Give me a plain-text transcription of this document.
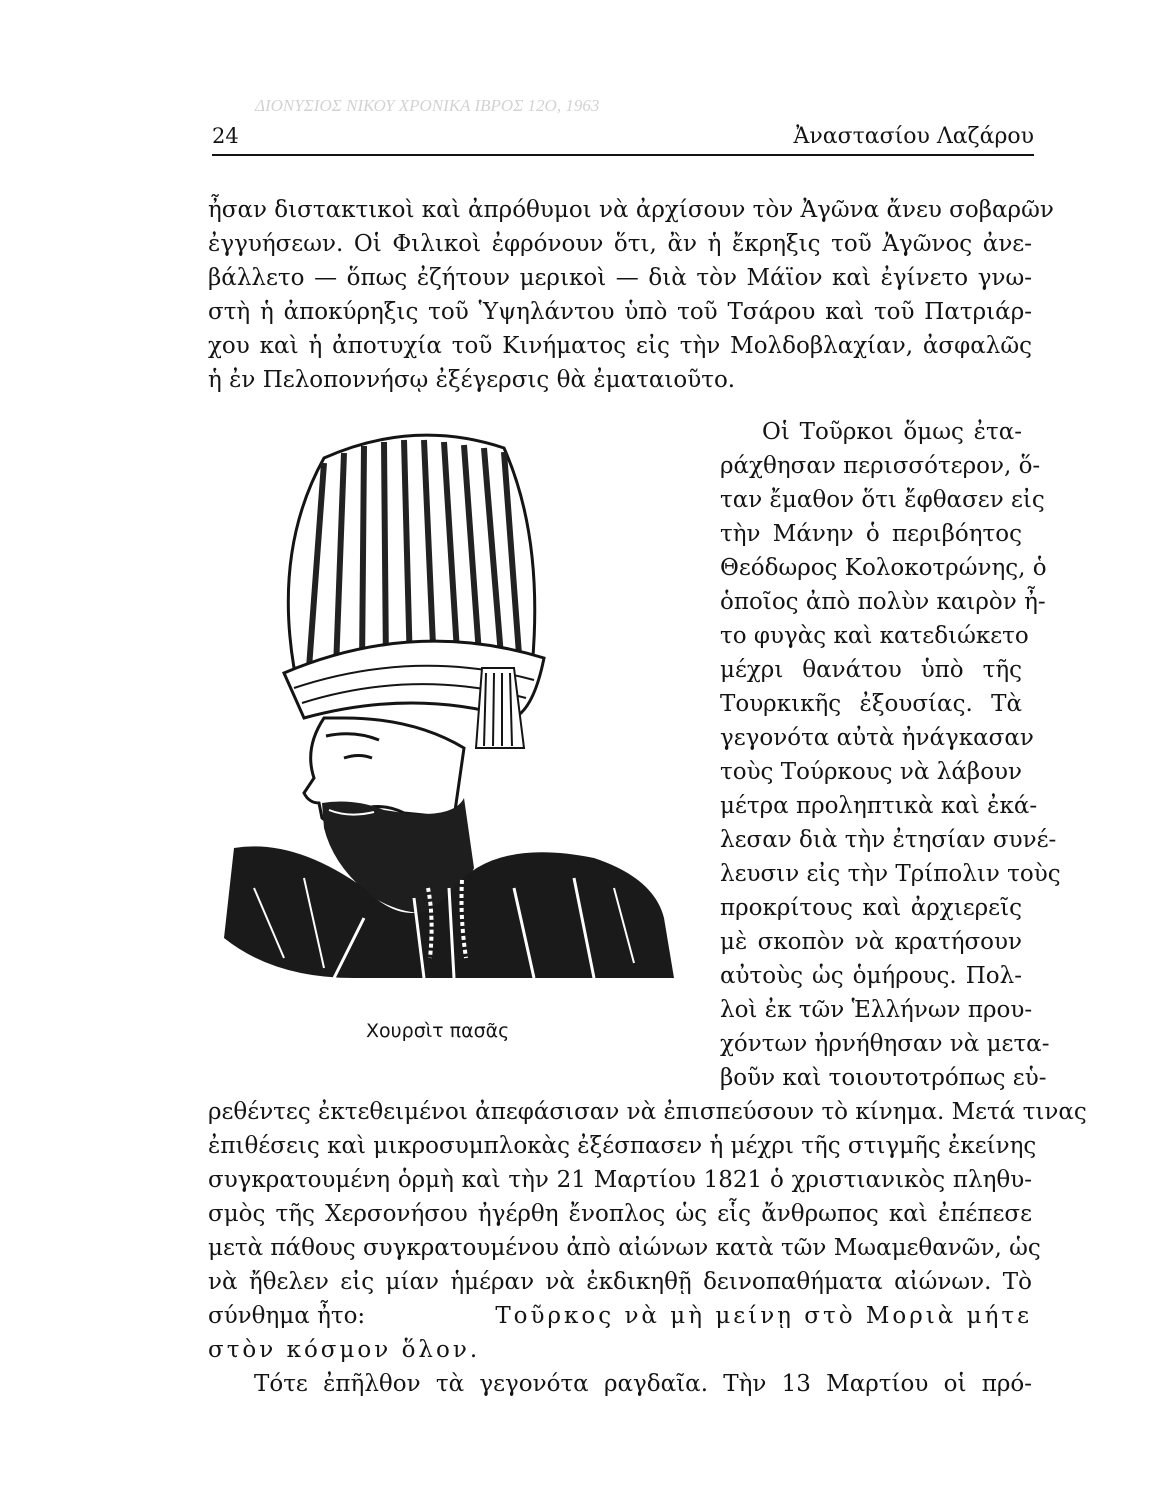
ΔΙΟΝΥΣΙΟΣ ΝΙΚΟΥ ΧΡΟΝΙΚΑ ΙΒΡΟΣ 12Ο, 1963
24	Ἀναστασίου Λαζάρου
ἦσαν διστακτικοὶ καὶ ἀπρόθυμοι νὰ ἀρχίσουν τὸν Ἀγῶνα ἄνευ σοβαρῶν
ἐγγυήσεων. Οἱ Φιλικοὶ ἐφρόνουν ὅτι, ἂν ἡ ἔκρηξις τοῦ Ἀγῶνος ἀνε-
βάλλετο — ὅπως ἐζήτουν μερικοὶ — διὰ τὸν Μάϊον καὶ ἐγίνετο γνω-
στὴ ἡ ἀποκύρηξις τοῦ Ὑψηλάντου ὑπὸ τοῦ Τσάρου καὶ τοῦ Πατριάρ-
χου καὶ ἡ ἀποτυχία τοῦ Κινήματος εἰς τὴν Μολδοβλαχίαν, ἀσφαλῶς
ἡ ἐν Πελοποννήσῳ ἐξέγερσις θὰ ἐματαιοῦτο.
Χουρσὶτ πασᾶς
Οἱ Τοῦρκοι ὅμως ἐτα-
ράχθησαν περισσότερον, ὅ-
ταν ἔμαθον ὅτι ἔφθασεν εἰς
τὴν Μάνην ὁ περιβόητος
Θεόδωρος Κολοκοτρώνης, ὁ
ὁποῖος ἀπὸ πολὺν καιρὸν ἦ-
το φυγὰς καὶ κατεδιώκετο
μέχρι θανάτου ὑπὸ τῆς
Τουρκικῆς ἐξουσίας. Τὰ
γεγονότα αὐτὰ ἠνάγκασαν
τοὺς Τούρκους νὰ λάβουν
μέτρα προληπτικὰ καὶ ἐκά-
λεσαν διὰ τὴν ἐτησίαν συνέ-
λευσιν εἰς τὴν Τρίπολιν τοὺς
προκρίτους καὶ ἀρχιερεῖς
μὲ σκοπὸν νὰ κρατήσουν
αὐτοὺς ὡς ὁμήρους. Πολ-
λοὶ ἐκ τῶν Ἑλλήνων πρου-
χόντων ἠρνήθησαν νὰ μετα-
βοῦν καὶ τοιουτοτρόπως εὑ-
ρεθέντες ἐκτεθειμένοι ἀπεφάσισαν νὰ ἐπισπεύσουν τὸ κίνημα. Μετά τινας
ἐπιθέσεις καὶ μικροσυμπλοκὰς ἐξέσπασεν ἡ μέχρι τῆς στιγμῆς ἐκείνης
συγκρατουμένη ὁρμὴ καὶ τὴν 21 Μαρτίου 1821 ὁ χριστιανικὸς πληθυ-
σμὸς τῆς Χερσονήσου ἠγέρθη ἔνοπλος ὡς εἷς ἄνθρωπος καὶ ἐπέπεσε
μετὰ πάθους συγκρατουμένου ἀπὸ αἰώνων κατὰ τῶν Μωαμεθανῶν, ὡς
νὰ ἤθελεν εἰς μίαν ἡμέραν νὰ ἐκδικηθῇ δεινοπαθήματα αἰώνων. Τὸ
σύνθημα ἦτο:	Τοῦρκος νὰ μὴ μείνῃ στὸ Μοριὰ μήτε
στὸν κόσμον ὅλον.
Τότε ἐπῆλθον τὰ γεγονότα ραγδαῖα. Τὴν 13 Μαρτίου οἱ πρό-
